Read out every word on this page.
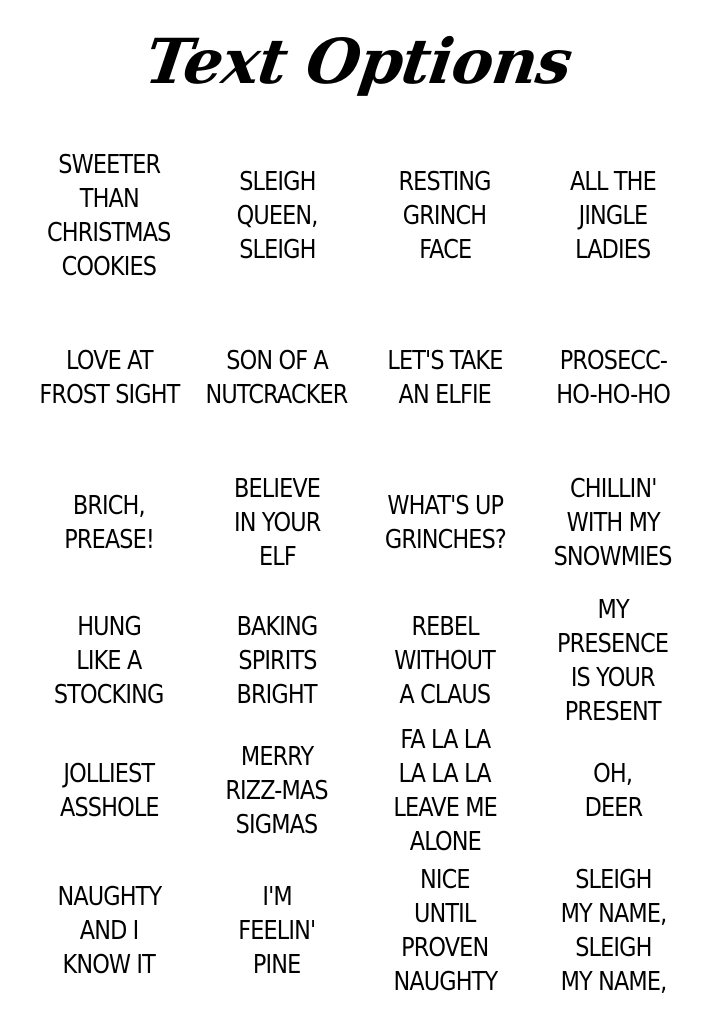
Text Options
SWEETER
THAN
CHRISTMAS
COOKIES
SLEIGH
QUEEN,
SLEIGH
RESTING
GRINCH
FACE
ALL THE
JINGLE
LADIES
LOVE AT
FROST SIGHT
SON OF A
NUTCRACKER
LET'S TAKE
AN ELFIE
PROSECC-
HO-HO-HO
BRICH,
PREASE!
BELIEVE
IN YOUR
ELF
WHAT'S UP
GRINCHES?
CHILLIN'
WITH MY
SNOWMIES
HUNG
LIKE A
STOCKING
BAKING
SPIRITS
BRIGHT
REBEL
WITHOUT
A CLAUS
MY
PRESENCE
IS YOUR
PRESENT
JOLLIEST
ASSHOLE
MERRY
RIZZ-MAS
SIGMAS
FA LA LA
LA LA LA
LEAVE ME
ALONE
OH,
DEER
NAUGHTY
AND I
KNOW IT
I'M
FEELIN'
PINE
NICE
UNTIL
PROVEN
NAUGHTY
SLEIGH
MY NAME,
SLEIGH
MY NAME,
